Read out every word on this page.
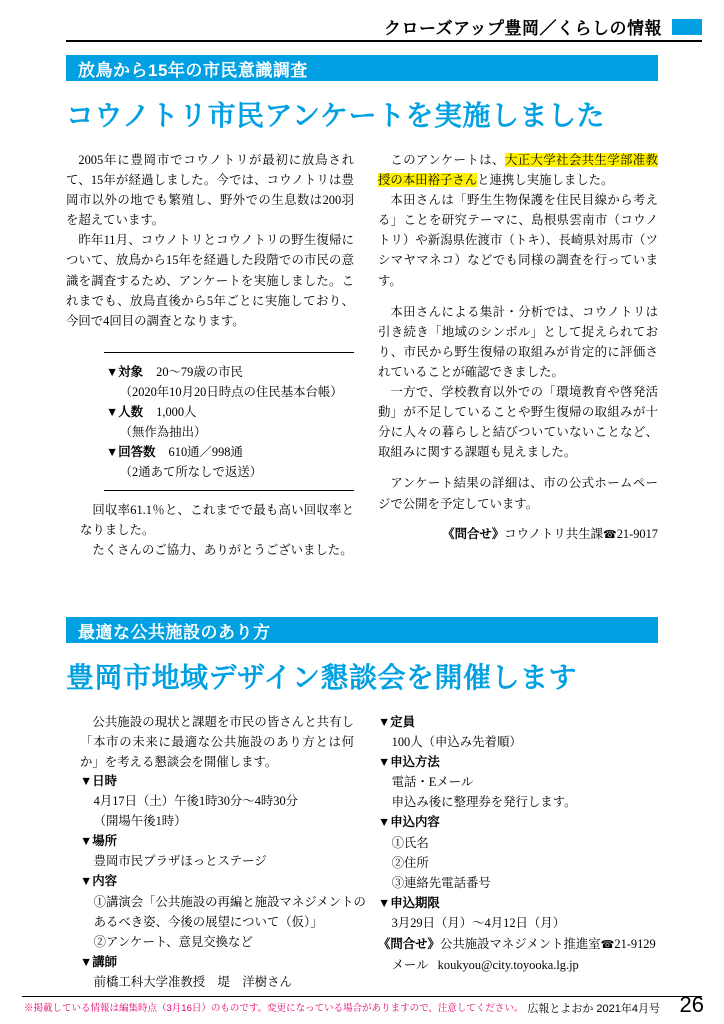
クローズアップ豊岡／くらしの情報
放鳥から15年の市民意識調査
コウノトリ市民アンケートを実施しました

2005年に豊岡市でコウノトリが最初に放鳥されて、15年が経過しました。今では、コウノトリは豊岡市以外の地でも繁殖し、野外での生息数は200羽を超えています。

昨年11月、コウノトリとコウノトリの野生復帰について、放鳥から15年を経過した段階での市民の意識を調査するため、アンケートを実施しました。これまでも、放鳥直後から5年ごとに実施しており、今回で4回目の調査となります。

▼対象 20〜79歳の市民
（2020年10月20日時点の住民基本台帳）
▼人数 1,000人
（無作為抽出）
▼回答数 610通／998通
（2通あて所なしで返送）

回収率61.1％と、これまでで最も高い回収率となりました。

たくさんのご協力、ありがとうございました。

このアンケートは、大正大学社会共生学部准教授の本田裕子さんと連携し実施しました。

本田さんは「野生生物保護を住民目線から考える」ことを研究テーマに、島根県雲南市（コウノトリ）や新潟県佐渡市（トキ）、長崎県対馬市（ツシマヤマネコ）などでも同様の調査を行っています。

本田さんによる集計・分析では、コウノトリは引き続き「地域のシンボル」として捉えられており、市民から野生復帰の取組みが肯定的に評価されていることが確認できました。

一方で、学校教育以外での「環境教育や啓発活動」が不足していることや野生復帰の取組みが十分に人々の暮らしと結びついていないことなど、取組みに関する課題も見えました。

アンケート結果の詳細は、市の公式ホームページで公開を予定しています。

《問合せ》コウノトリ共生課 ☎ 21-9017
最適な公共施設のあり方
豊岡市地域デザイン懇談会を開催します

公共施設の現状と課題を市民の皆さんと共有し「本市の未来に最適な公共施設のあり方とは何か」を考える懇談会を開催します。

▼日時
4月17日（土）午後1時30分〜4時30分
（開場午後1時）
▼場所
豊岡市民プラザほっとステージ
▼内容
①講演会「公共施設の再編と施設マネジメントのあるべき姿、今後の展望について（仮）」
②アンケート、意見交換など
▼講師
前橋工科大学准教授　堤　洋樹さん
▼定員
100人（申込み先着順）
▼申込方法
電話・Eメール
申込み後に整理券を発行します。
▼申込内容
①氏名
②住所
③連絡先電話番号
▼申込期限
3月29日（月）〜4月12日（月）
《問合せ》公共施設マネジメント推進室 ☎ 21-9129
メール koukyou@city.toyooka.lg.jp
※掲載している情報は編集時点（3月16日）のものです。変更になっている場合がありますので、注意してください。 広報とよおか 2021年4月号 26
